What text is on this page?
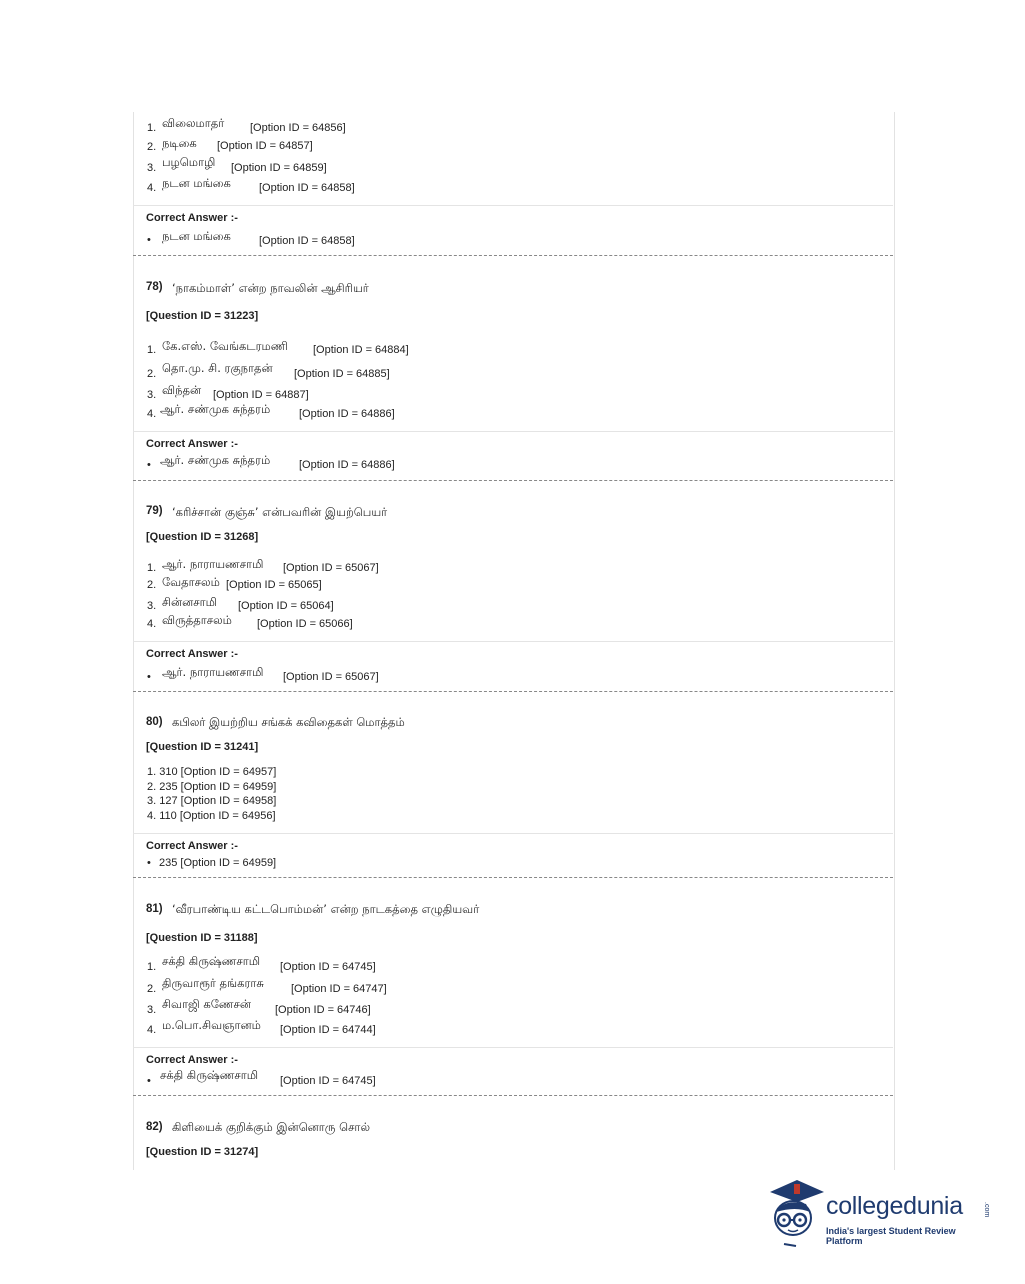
1. விலைமாதர் [Option ID = 64856]
2. நடிகை [Option ID = 64857]
3. பழமொழி [Option ID = 64859]
4. நடன மங்கை	[Option ID = 64858]
Correct Answer :-
• நடன மங்கை	[Option ID = 64858]
78) ‘நாகம்மாள்’ என்ற நாவலின் ஆசிரியர்
[Question ID = 31223]
1. கே.எஸ். வேங்கடரமணி [Option ID = 64884]
2. தொ.மு. சி. ரகுநாதன் [Option ID = 64885]
3. விந்தன் [Option ID = 64887]
4. ஆர். சண்முக சுந்தரம்	[Option ID = 64886]
Correct Answer :-
• ஆர். சண்முக சுந்தரம்	[Option ID = 64886]
79) ‘கரிச்சான் குஞ்சு’ என்பவரின் இயற்பெயர்
[Question ID = 31268]
1. ஆர். நாராயணசாமி [Option ID = 65067]
2. வேதாசலம் [Option ID = 65065]
3. சின்னசாமி [Option ID = 65064]
4. விருத்தாசலம் [Option ID = 65066]
Correct Answer :-
• ஆர். நாராயணசாமி [Option ID = 65067]
80) கபிலர் இயற்றிய சங்கக் கவிதைகள் மொத்தம்
[Question ID = 31241]
1. 310 [Option ID = 64957]
2. 235 [Option ID = 64959]
3. 127 [Option ID = 64958]
4. 110 [Option ID = 64956]
Correct Answer :-
• 235 [Option ID = 64959]
81) ‘வீரபாண்டிய கட்டபொம்மன்’ என்ற நாடகத்தை எழுதியவர்
[Question ID = 31188]
1. சக்தி கிருஷ்ணசாமி [Option ID = 64745]
2. திருவாரூர் தங்கராசு [Option ID = 64747]
3. சிவாஜி கணேசன் [Option ID = 64746]
4. ம.பொ.சிவஞானம் [Option ID = 64744]
Correct Answer :-
• சக்தி கிருஷ்ணசாமி [Option ID = 64745]
82) கிளியைக் குறிக்கும் இன்னொரு சொல்
[Question ID = 31274]
collegedunia	.com
India's largest Student Review Platform
